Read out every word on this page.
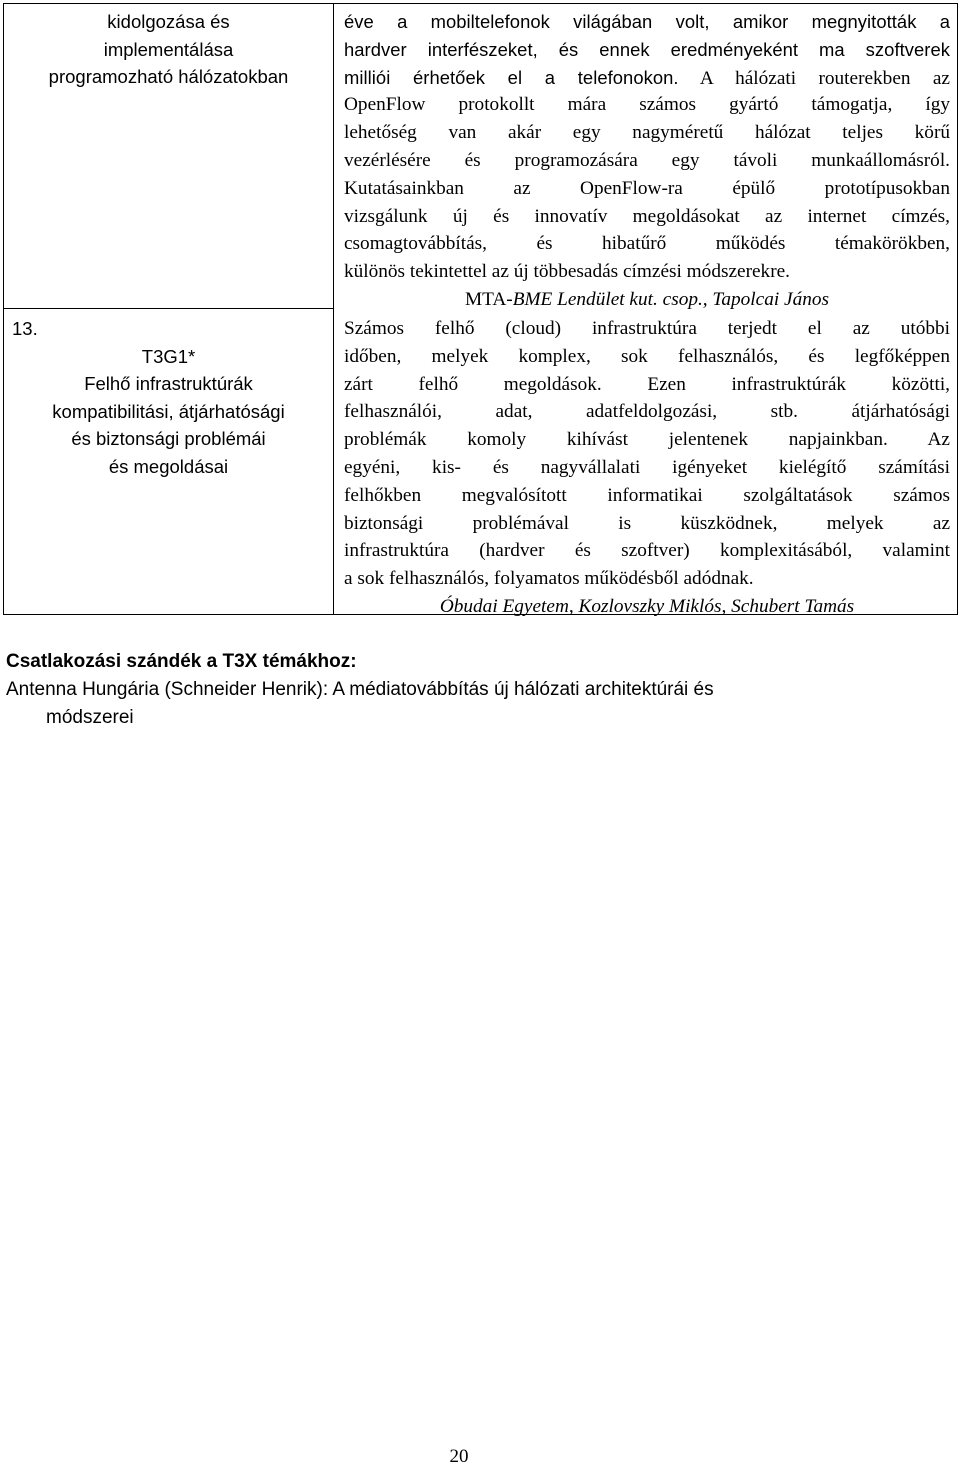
kidolgozása és
implementálása
programozható hálózatokban
éve a mobiltelefonok világában volt, amikor megnyitották a
hardver interfészeket, és ennek eredményeként ma szoftverek
milliói érhetőek el a telefonokon. A hálózati routerekben az
OpenFlow protokollt mára számos gyártó támogatja, így
lehetőség van akár egy nagyméretű hálózat teljes körű
vezérlésére és programozására egy távoli munkaállomásról.
Kutatásainkban az OpenFlow-ra épülő prototípusokban
vizsgálunk új és innovatív megoldásokat az internet címzés,
csomagtovábbítás, és hibatűrő működés témakörökben,
különös tekintettel az új többesadás címzési módszerekre.
MTA-BME Lendület kut. csop., Tapolcai János
13.
T3G1*
Felhő infrastruktúrák
kompatibilitási, átjárhatósági
és biztonsági problémái
és megoldásai
Számos felhő (cloud) infrastruktúra terjedt el az utóbbi
időben, melyek komplex, sok felhasználós, és legfőképpen
zárt felhő megoldások. Ezen infrastruktúrák közötti,
felhasználói, adat, adatfeldolgozási, stb. átjárhatósági
problémák komoly kihívást jelentenek napjainkban. Az
egyéni, kis- és nagyvállalati igényeket kielégítő számítási
felhőkben megvalósított informatikai szolgáltatások számos
biztonsági problémával is küszködnek, melyek az
infrastruktúra (hardver és szoftver) komplexitásából, valamint
a sok felhasználós, folyamatos működésből adódnak.
Óbudai Egyetem, Kozlovszky Miklós, Schubert Tamás
Csatlakozási szándék a T3X témákhoz:
Antenna Hungária (Schneider Henrik): A médiatovábbítás új hálózati architektúrái és
módszerei
20
